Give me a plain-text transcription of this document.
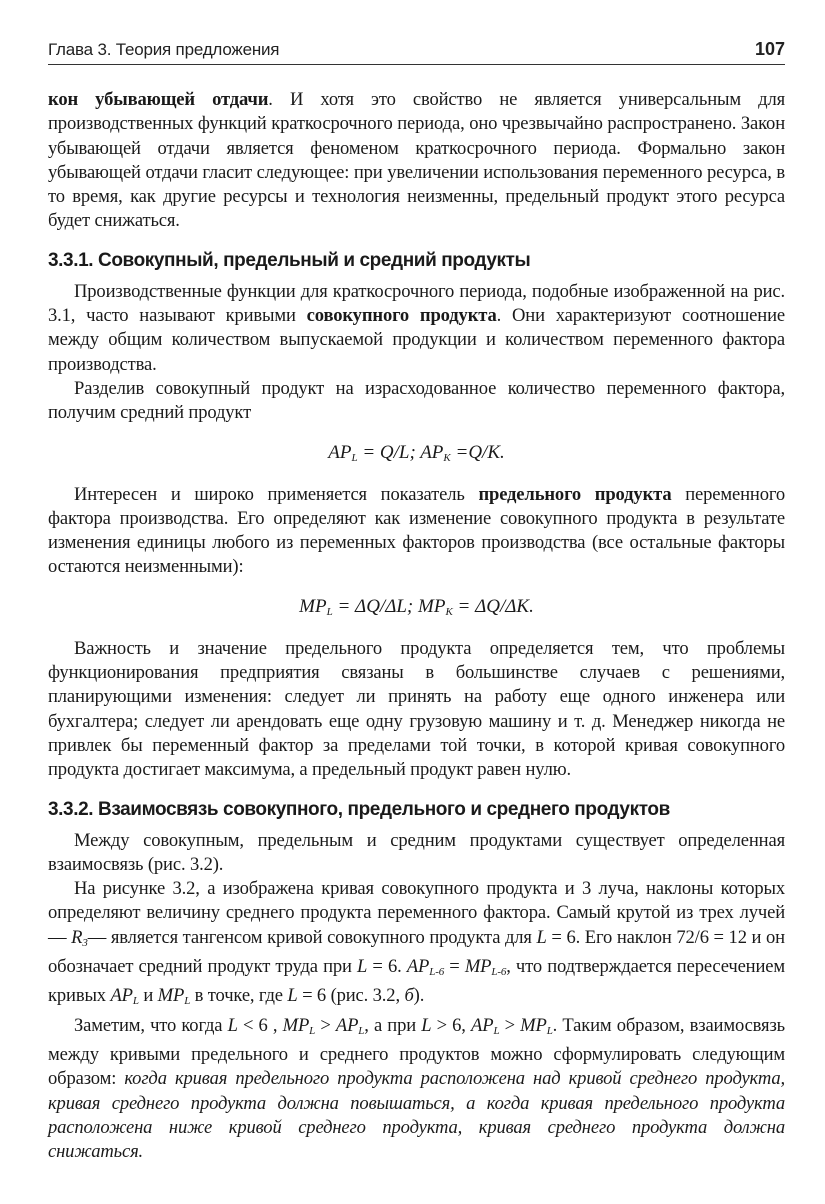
Глава 3. Теория предложения	107

кон убывающей отдачи. И хотя это свойство не является универсальным для производственных функций краткосрочного периода, оно чрезвычайно распространено. Закон убывающей отдачи является феноменом краткосрочного периода. Формально закон убывающей отдачи гласит следующее: при увеличении использования переменного ресурса, в то время, как другие ресурсы и технология неизменны, предельный продукт этого ресурса будет снижаться.

3.3.1. Совокупный, предельный и средний продукты

Производственные функции для краткосрочного периода, подобные изображенной на рис. 3.1, часто называют кривыми совокупного продукта. Они характеризуют соотношение между общим количеством выпускаемой продукции и количеством переменного фактора производства.

Разделив совокупный продукт на израсходованное количество переменного фактора, получим средний продукт

$AP_L = Q/L$; $AP_K =Q/K$.

Интересен и широко применяется показатель предельного продукта переменного фактора производства. Его определяют как изменение совокупного продукта в результате изменения единицы любого из переменных факторов производства (все остальные факторы остаются неизменными):

$MP_L = \Delta Q/\Delta L$; $MP_K = \Delta Q/\Delta K$.

Важность и значение предельного продукта определяется тем, что проблемы функционирования предприятия связаны в большинстве случаев с решениями, планирующими изменения: следует ли принять на работу еще одного инженера или бухгалтера; следует ли арендовать еще одну грузовую машину и т. д. Менеджер никогда не привлек бы переменный фактор за пределами той точки, в которой кривая совокупного продукта достигает максимума, а предельный продукт равен нулю.

3.3.2. Взаимосвязь совокупного, предельного и среднего продуктов

Между совокупным, предельным и средним продуктами существует определенная взаимосвязь (рис. 3.2).

На рисунке 3.2, а изображена кривая совокупного продукта и 3 луча, наклоны которых определяют величину среднего продукта переменного фактора. Самый крутой из трех лучей — $R_3—$ является тангенсом кривой совокупного продукта для L = 6. Его наклон 72/6 = 12 и он обозначает средний продукт труда при L = 6. $AP_{L-6} = MP_{L-6}$, что подтверждается пересечением кривых $AP_L$ и $MP_L$ в точке, где L = 6 (рис. 3.2, б).

Заметим, что когда L < 6 , $MP_L > AP_L$, а при L > 6, $AP_L > MP_L$. Таким образом, взаимосвязь между кривыми предельного и среднего продуктов можно сформулировать следующим образом: когда кривая предельного продукта расположена над кривой среднего продукта, кривая среднего продукта должна повышаться, а когда кривая предельного продукта расположена ниже кривой среднего продукта, кривая среднего продукта должна снижаться.
